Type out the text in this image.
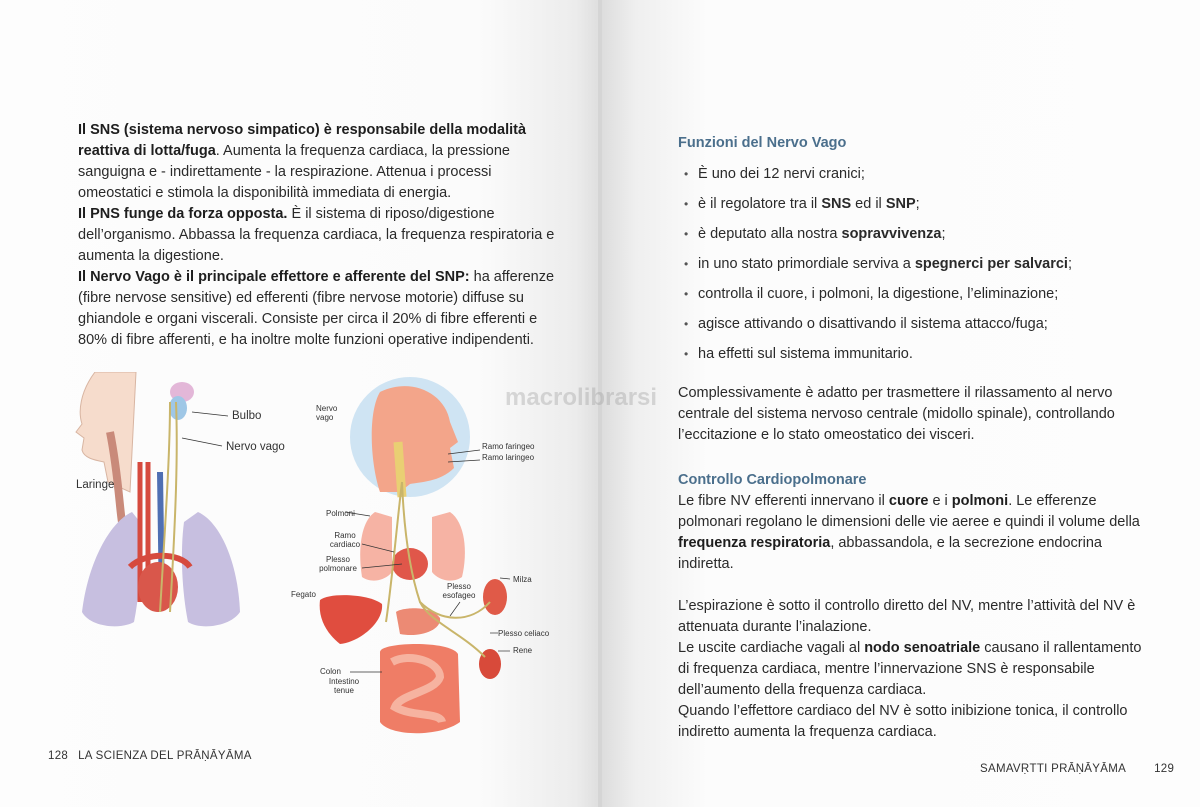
Il SNS (sistema nervoso simpatico) è responsabile della modalità reattiva di lotta/fuga. Aumenta la frequenza cardiaca, la pressione sanguigna e - indirettamente - la respirazione. Attenua i processi omeostatici e stimola la disponibilità immediata di energia.

Il PNS funge da forza opposta. È il sistema di riposo/digestione dell’organismo. Abbassa la frequenza cardiaca, la frequenza respiratoria e aumenta la digestione.

Il Nervo Vago è il principale effettore e afferente del SNP: ha afferenze (fibre nervose sensitive) ed efferenti (fibre nervose motorie) diffuse su ghiandole e organi viscerali. Consiste per circa il 20% di fibre efferenti e 80% di fibre afferenti, e ha inoltre molte funzioni operative indipendenti.

Bulbo
Nervo vago
Laringe
Nervo vago
Ramo faringeo
Ramo laringeo
Polmoni
Ramo cardiaco
Plesso polmonare
Milza
Plesso esofageo
Fegato
Plesso celiaco
Rene
Colon
Intestino tenue
128 LA SCIENZA DEL PRĀṆĀYĀMA
Funzioni del Nervo Vago
• È uno dei 12 nervi cranici;
• è il regolatore tra il SNS ed il SNP;
• è deputato alla nostra sopravvivenza;
• in uno stato primordiale serviva a spegnerci per salvarci;
• controlla il cuore, i polmoni, la digestione, l’eliminazione;
• agisce attivando o disattivando il sistema attacco/fuga;
• ha effetti sul sistema immunitario.
Complessivamente è adatto per trasmettere il rilassamento al nervo centrale del sistema nervoso centrale (midollo spinale), controllando l’eccitazione e lo stato omeostatico dei visceri.
Controllo Cardiopolmonare

Le fibre NV efferenti innervano il cuore e i polmoni. Le efferenze polmonari regolano le dimensioni delle vie aeree e quindi il volume della frequenza respiratoria, abbassandola, e la secrezione endocrina indiretta.

L’espirazione è sotto il controllo diretto del NV, mentre l’attività del NV è attenuata durante l’inalazione.

Le uscite cardiache vagali al nodo senoatriale causano il rallentamento di frequenza cardiaca, mentre l’innervazione SNS è responsabile dell’aumento della frequenza cardiaca.

Quando l’effettore cardiaco del NV è sotto inibizione tonica, il controllo indiretto aumenta la frequenza cardiaca.

macrolibrarsi
SAMAVṚTTI PRĀṆĀYĀMA 129
